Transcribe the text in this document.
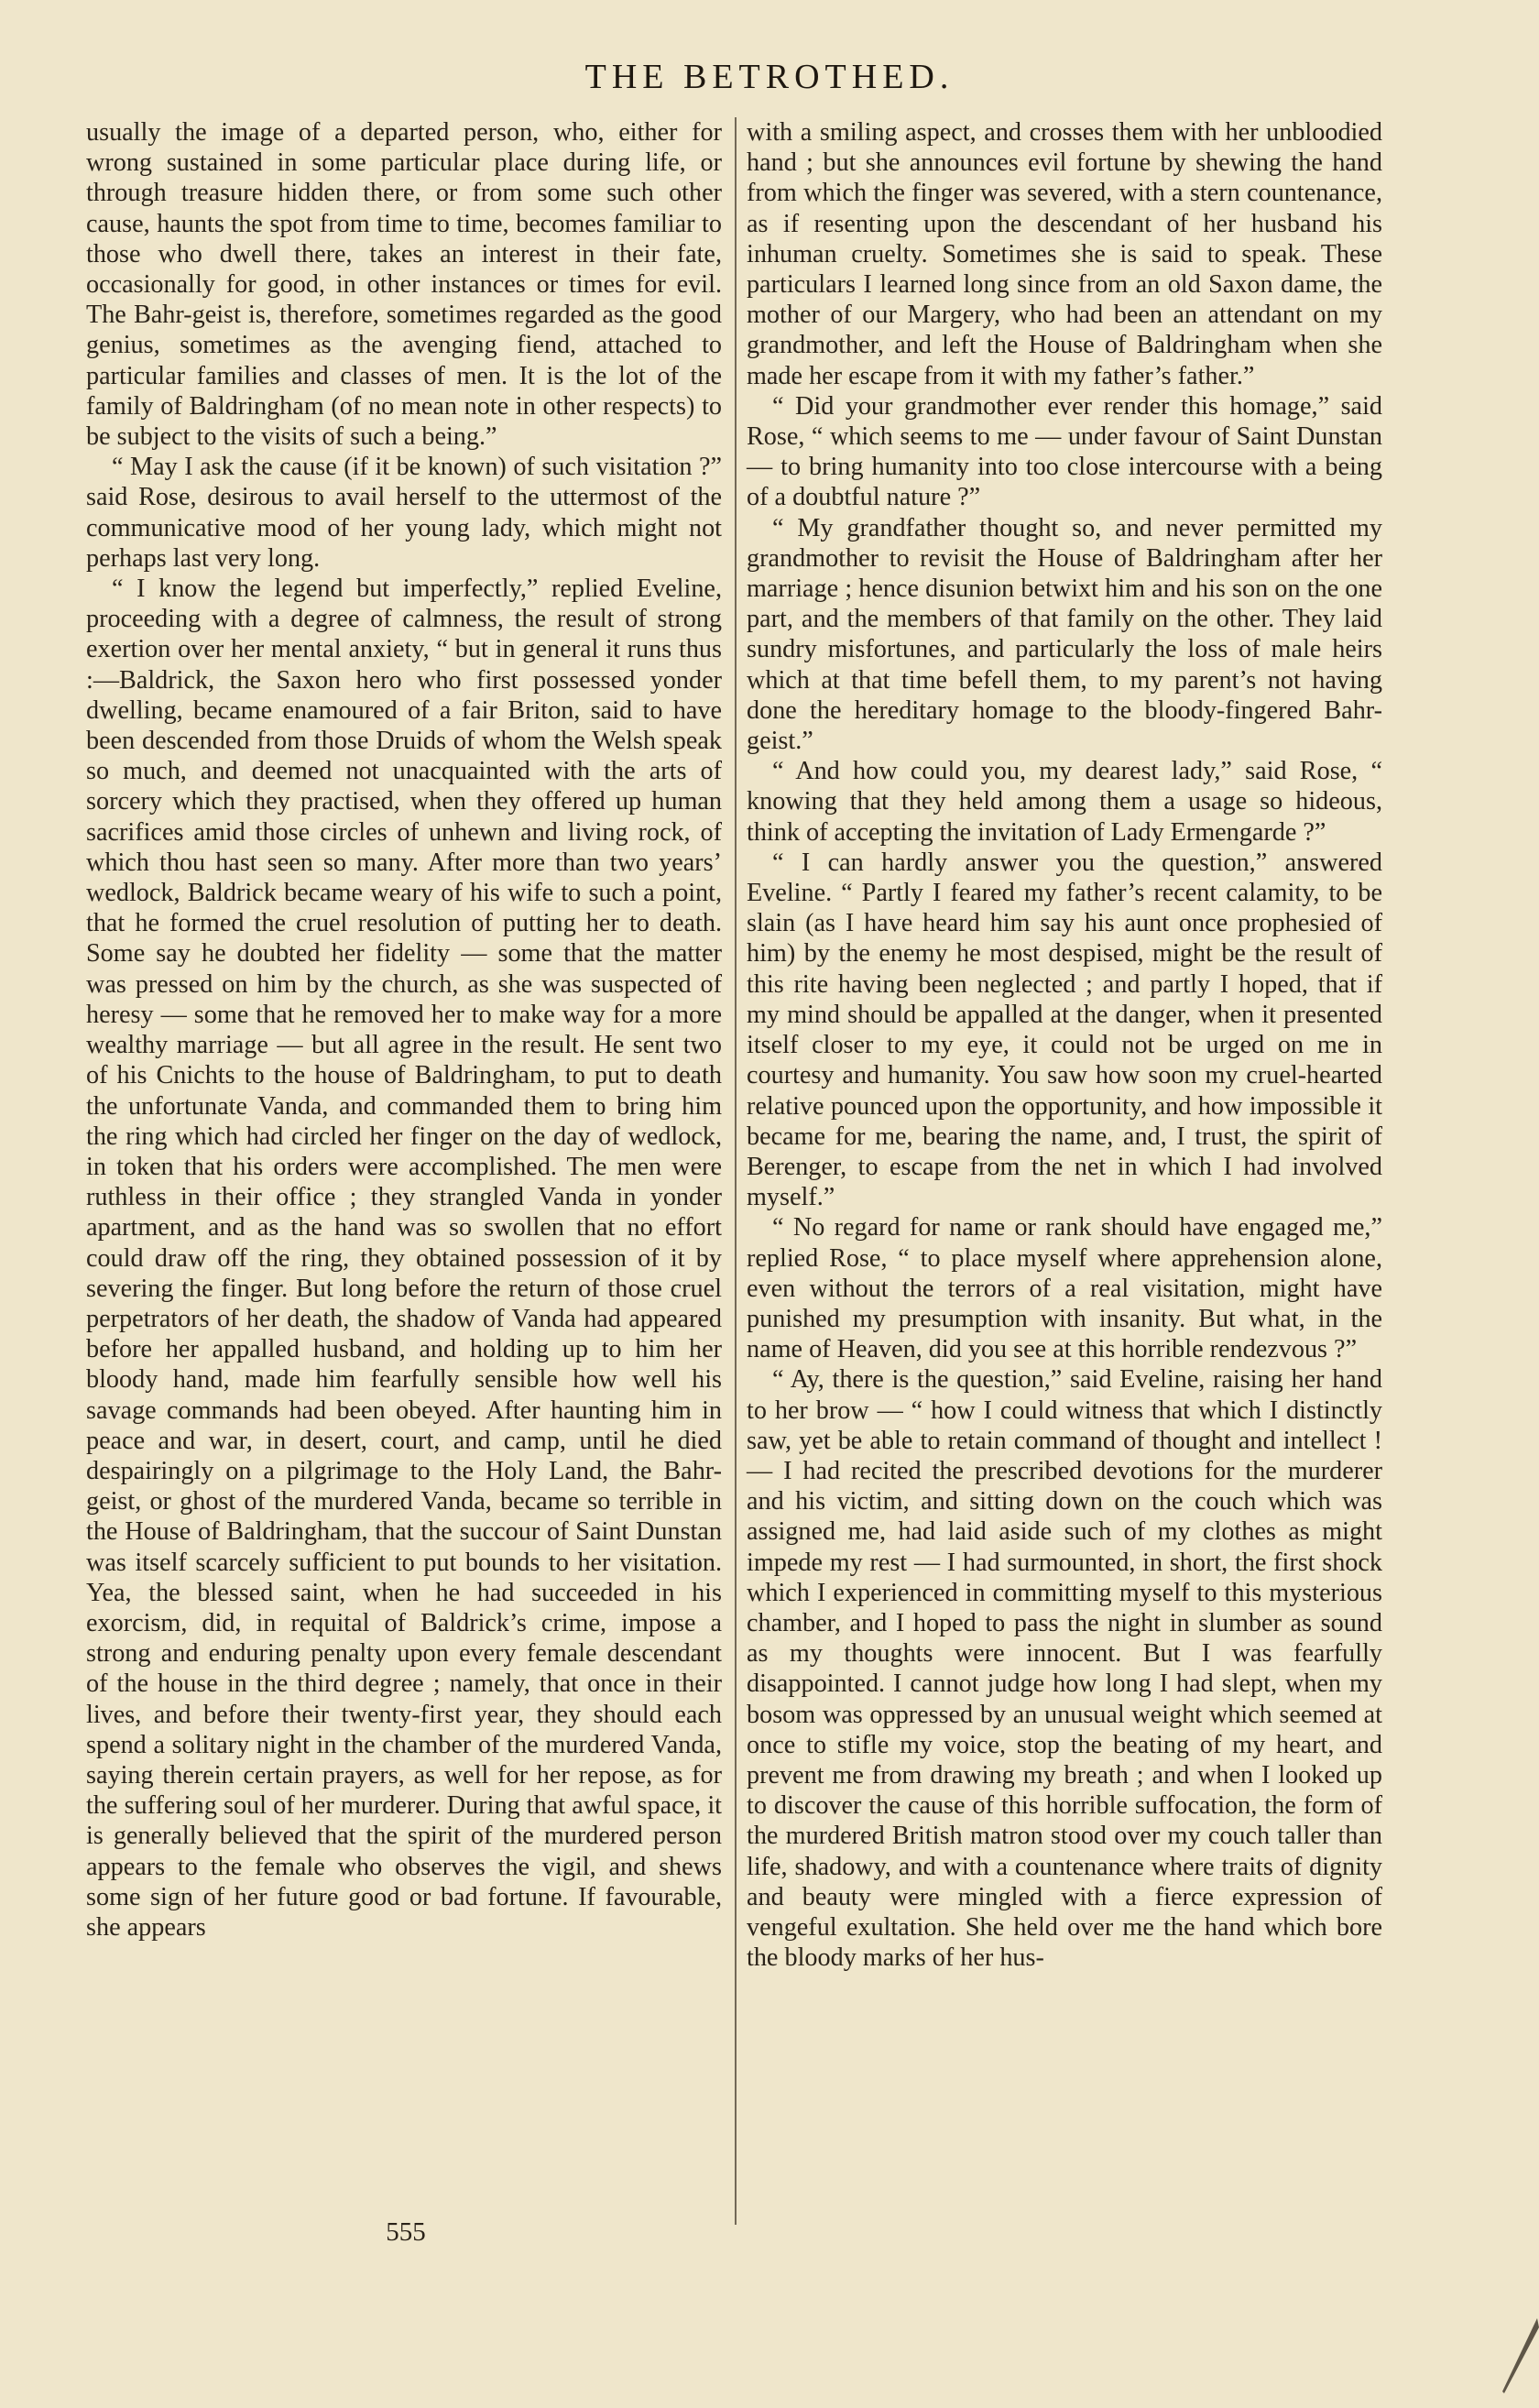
THE BETROTHED.

usually the image of a departed person, who, either for wrong sustained in some particular place during life, or through treasure hidden there, or from some such other cause, haunts the spot from time to time, becomes familiar to those who dwell there, takes an interest in their fate, occasionally for good, in other instances or times for evil. The Bahr-geist is, therefore, sometimes regarded as the good genius, sometimes as the avenging fiend, attached to particular families and classes of men. It is the lot of the family of Baldringham (of no mean note in other respects) to be subject to the visits of such a being.”

“ May I ask the cause (if it be known) of such visitation ?” said Rose, desirous to avail herself to the uttermost of the communicative mood of her young lady, which might not perhaps last very long.

“ I know the legend but imperfectly,” replied Eveline, proceeding with a degree of calmness, the result of strong exertion over her mental anxiety, “ but in general it runs thus :—Baldrick, the Saxon hero who first possessed yonder dwelling, became enamoured of a fair Briton, said to have been descended from those Druids of whom the Welsh speak so much, and deemed not unacquainted with the arts of sorcery which they practised, when they offered up human sacrifices amid those circles of unhewn and living rock, of which thou hast seen so many. After more than two years’ wedlock, Baldrick became weary of his wife to such a point, that he formed the cruel resolution of putting her to death. Some say he doubted her fidelity — some that the matter was pressed on him by the church, as she was suspected of heresy — some that he removed her to make way for a more wealthy marriage — but all agree in the result. He sent two of his Cnichts to the house of Baldringham, to put to death the unfortunate Vanda, and commanded them to bring him the ring which had circled her finger on the day of wedlock, in token that his orders were accomplished. The men were ruthless in their office ; they strangled Vanda in yonder apartment, and as the hand was so swollen that no effort could draw off the ring, they obtained possession of it by severing the finger. But long before the return of those cruel perpetrators of her death, the shadow of Vanda had appeared before her appalled husband, and holding up to him her bloody hand, made him fearfully sensible how well his savage commands had been obeyed. After haunting him in peace and war, in desert, court, and camp, until he died despairingly on a pilgrimage to the Holy Land, the Bahr-geist, or ghost of the murdered Vanda, became so terrible in the House of Baldringham, that the succour of Saint Dunstan was itself scarcely sufficient to put bounds to her visitation. Yea, the blessed saint, when he had succeeded in his exorcism, did, in requital of Baldrick’s crime, impose a strong and enduring penalty upon every female descendant of the house in the third degree ; namely, that once in their lives, and before their twenty-first year, they should each spend a solitary night in the chamber of the murdered Vanda, saying therein certain prayers, as well for her repose, as for the suffering soul of her murderer. During that awful space, it is generally believed that the spirit of the murdered person appears to the female who observes the vigil, and shews some sign of her future good or bad fortune. If favourable, she appears

with a smiling aspect, and crosses them with her unbloodied hand ; but she announces evil fortune by shewing the hand from which the finger was severed, with a stern countenance, as if resenting upon the descendant of her husband his inhuman cruelty. Sometimes she is said to speak. These particulars I learned long since from an old Saxon dame, the mother of our Margery, who had been an attendant on my grandmother, and left the House of Baldringham when she made her escape from it with my father’s father.”

“ Did your grandmother ever render this homage,” said Rose, “ which seems to me — under favour of Saint Dunstan — to bring humanity into too close intercourse with a being of a doubtful nature ?”

“ My grandfather thought so, and never permitted my grandmother to revisit the House of Baldringham after her marriage ; hence disunion betwixt him and his son on the one part, and the members of that family on the other. They laid sundry misfortunes, and particularly the loss of male heirs which at that time befell them, to my parent’s not having done the hereditary homage to the bloody-fingered Bahr-geist.”

“ And how could you, my dearest lady,” said Rose, “ knowing that they held among them a usage so hideous, think of accepting the invitation of Lady Ermengarde ?”

“ I can hardly answer you the question,” answered Eveline. “ Partly I feared my father’s recent calamity, to be slain (as I have heard him say his aunt once prophesied of him) by the enemy he most despised, might be the result of this rite having been neglected ; and partly I hoped, that if my mind should be appalled at the danger, when it presented itself closer to my eye, it could not be urged on me in courtesy and humanity. You saw how soon my cruel-hearted relative pounced upon the opportunity, and how impossible it became for me, bearing the name, and, I trust, the spirit of Berenger, to escape from the net in which I had involved myself.”

“ No regard for name or rank should have engaged me,” replied Rose, “ to place myself where apprehension alone, even without the terrors of a real visitation, might have punished my presumption with insanity. But what, in the name of Heaven, did you see at this horrible rendezvous ?”

“ Ay, there is the question,” said Eveline, raising her hand to her brow — “ how I could witness that which I distinctly saw, yet be able to retain command of thought and intellect ! — I had recited the prescribed devotions for the murderer and his victim, and sitting down on the couch which was assigned me, had laid aside such of my clothes as might impede my rest — I had surmounted, in short, the first shock which I experienced in committing myself to this mysterious chamber, and I hoped to pass the night in slumber as sound as my thoughts were innocent. But I was fearfully disappointed. I cannot judge how long I had slept, when my bosom was oppressed by an unusual weight which seemed at once to stifle my voice, stop the beating of my heart, and prevent me from drawing my breath ; and when I looked up to discover the cause of this horrible suffocation, the form of the murdered British matron stood over my couch taller than life, shadowy, and with a countenance where traits of dignity and beauty were mingled with a fierce expression of vengeful exultation. She held over me the hand which bore the bloody marks of her hus-

555
